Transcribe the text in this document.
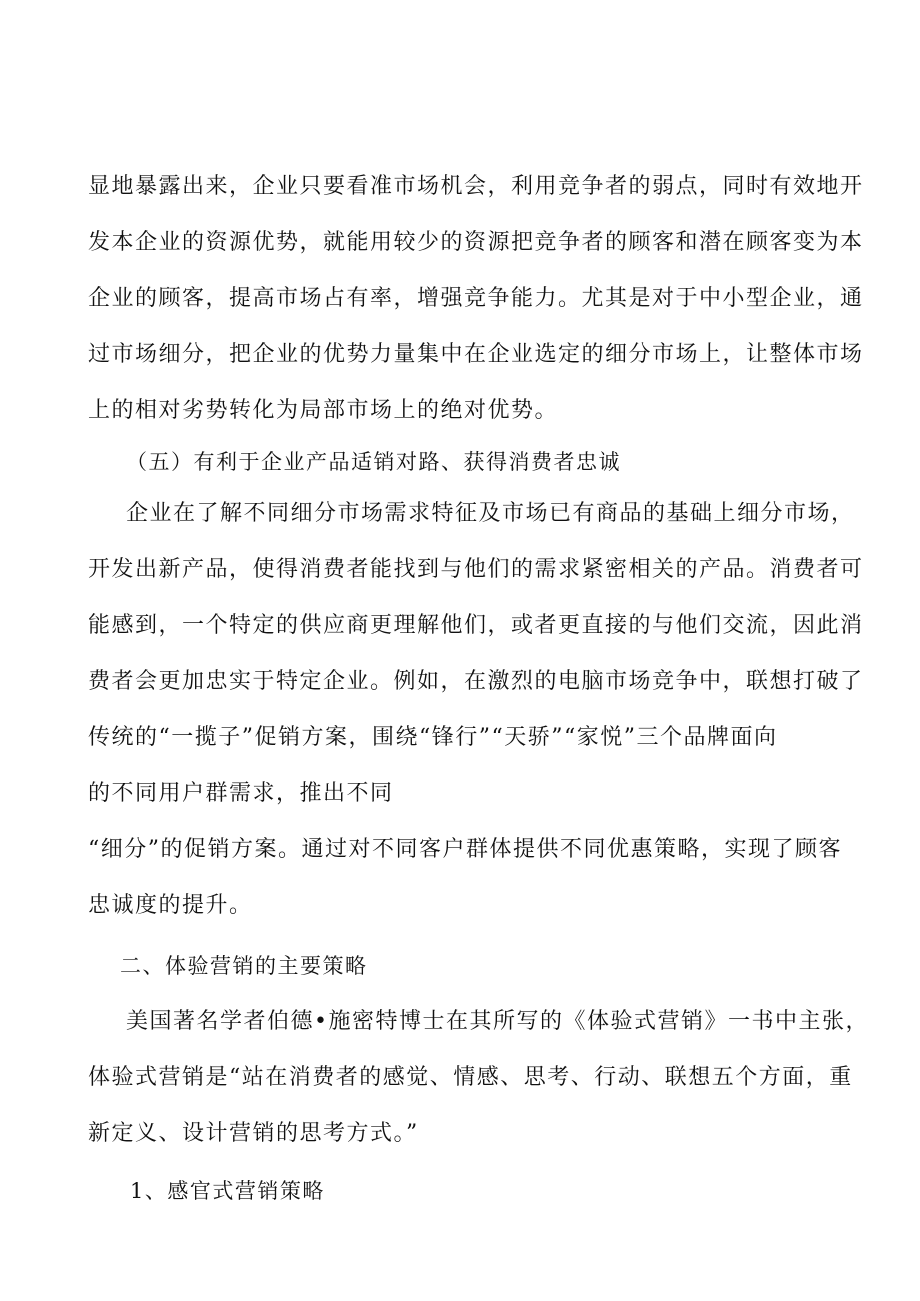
显地暴露出来，企业只要看准市场机会，利用竞争者的弱点，同时有效地开
发本企业的资源优势，就能用较少的资源把竞争者的顾客和潜在顾客变为本
企业的顾客，提高市场占有率，增强竞争能力。尤其是对于中小型企业，通
过市场细分，把企业的优势力量集中在企业选定的细分市场上，让整体市场
上的相对劣势转化为局部市场上的绝对优势。
（五）有利于企业产品适销对路、获得消费者忠诚
企业在了解不同细分市场需求特征及市场已有商品的基础上细分市场，
开发出新产品，使得消费者能找到与他们的需求紧密相关的产品。消费者可
能感到，一个特定的供应商更理解他们，或者更直接的与他们交流，因此消
费者会更加忠实于特定企业。例如，在激烈的电脑市场竞争中，联想打破了
传统的“一揽子”促销方案，围绕“锋行”“天骄”“家悦”三个品牌面向
的不同用户群需求，推出不同
“细分”的促销方案。通过对不同客户群体提供不同优惠策略，实现了顾客
忠诚度的提升。
二、体验营销的主要策略
美国著名学者伯德•施密特博士在其所写的《体验式营销》一书中主张，
体验式营销是“站在消费者的感觉、情感、思考、行动、联想五个方面，重
新定义、设计营销的思考方式。”
1、感官式营销策略
